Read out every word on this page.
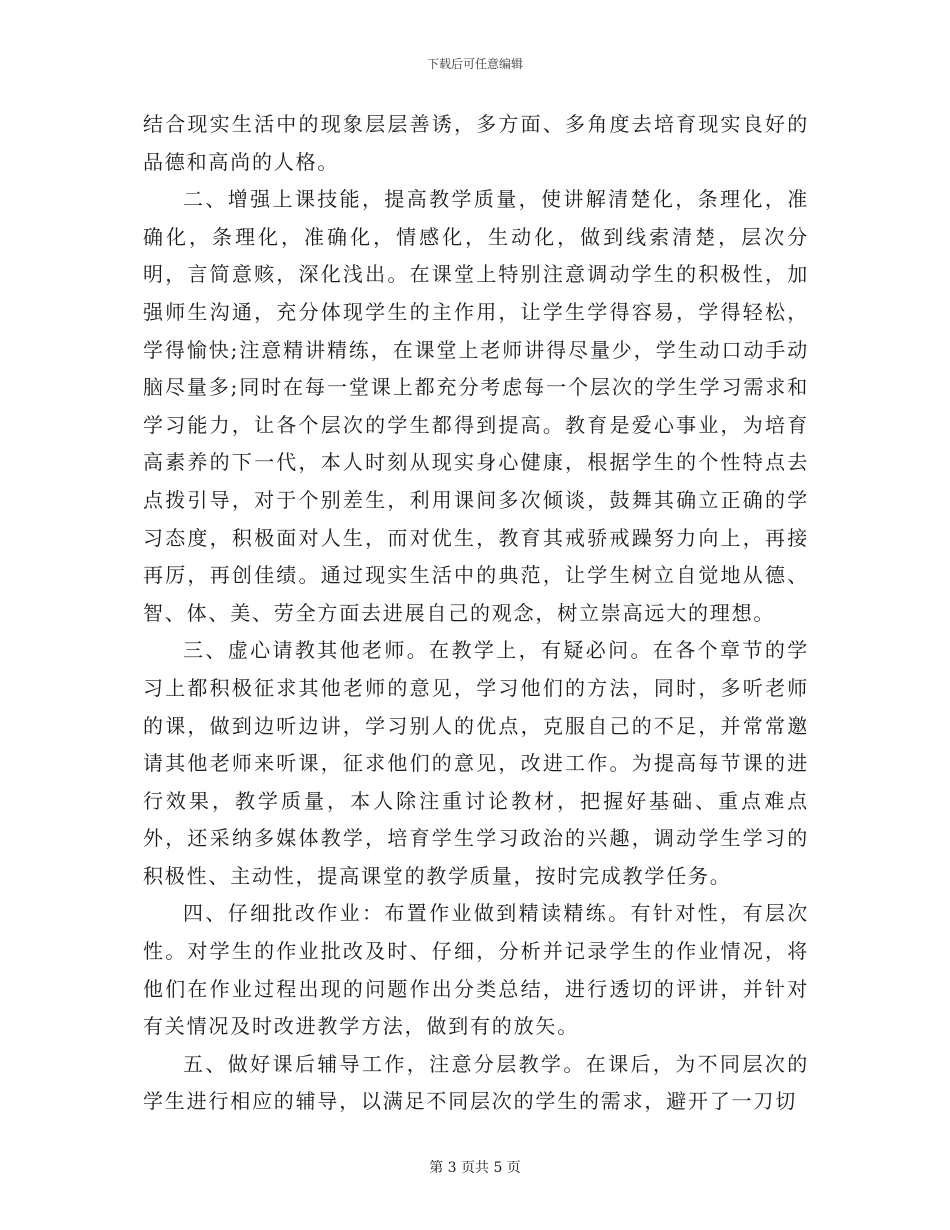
下载后可任意编辑

结合现实生活中的现象层层善诱，多方面、多角度去培育现实良好的品德和高尚的人格。

二、增强上课技能，提高教学质量，使讲解清楚化，条理化，准确化，条理化，准确化，情感化，生动化，做到线索清楚，层次分明，言简意赅，深化浅出。在课堂上特别注意调动学生的积极性，加强师生沟通，充分体现学生的主作用，让学生学得容易，学得轻松，学得愉快;注意精讲精练，在课堂上老师讲得尽量少，学生动口动手动脑尽量多;同时在每一堂课上都充分考虑每一个层次的学生学习需求和学习能力，让各个层次的学生都得到提高。教育是爱心事业，为培育高素养的下一代，本人时刻从现实身心健康，根据学生的个性特点去点拨引导，对于个别差生，利用课间多次倾谈，鼓舞其确立正确的学习态度，积极面对人生，而对优生，教育其戒骄戒躁努力向上，再接再厉，再创佳绩。通过现实生活中的典范，让学生树立自觉地从德、智、体、美、劳全方面去进展自己的观念，树立崇高远大的理想。

三、虚心请教其他老师。在教学上，有疑必问。在各个章节的学习上都积极征求其他老师的意见，学习他们的方法，同时，多听老师的课，做到边听边讲，学习别人的优点，克服自己的不足，并常常邀请其他老师来听课，征求他们的意见，改进工作。为提高每节课的进行效果，教学质量，本人除注重讨论教材，把握好基础、重点难点外，还采纳多媒体教学，培育学生学习政治的兴趣，调动学生学习的积极性、主动性，提高课堂的教学质量，按时完成教学任务。

四、仔细批改作业：布置作业做到精读精练。有针对性，有层次性。对学生的作业批改及时、仔细，分析并记录学生的作业情况，将他们在作业过程出现的问题作出分类总结，进行透切的评讲，并针对有关情况及时改进教学方法，做到有的放矢。

五、做好课后辅导工作，注意分层教学。在课后，为不同层次的学生进行相应的辅导，以满足不同层次的学生的需求，避开了一刀切

第 3 页共 5 页
